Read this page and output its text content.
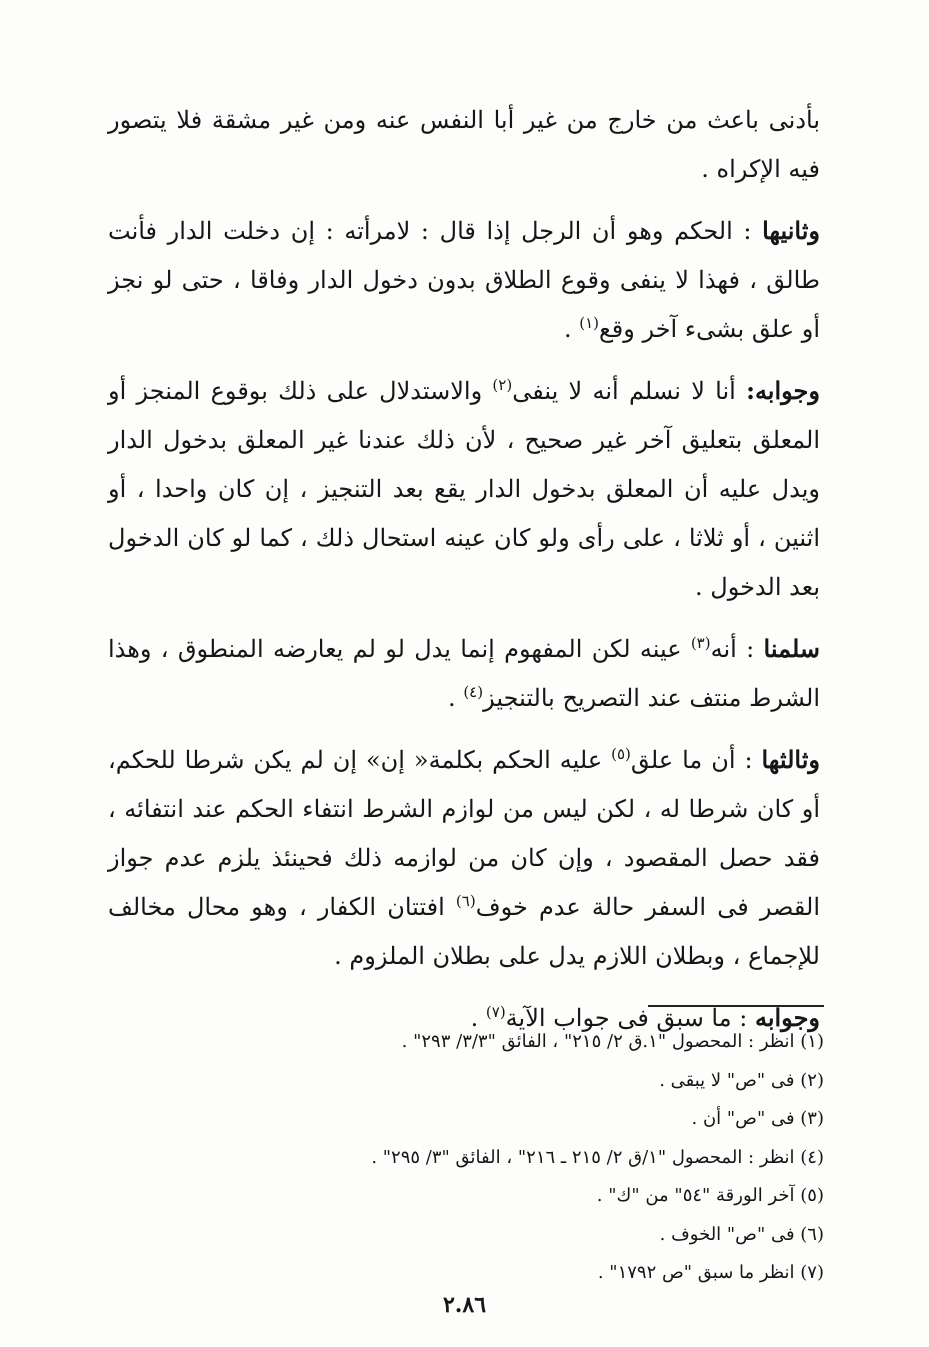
بأدنى باعث من خارج من غير أبا النفس عنه ومن غير مشقة فلا يتصور فيه الإكراه .

وثانيها : الحكم وهو أن الرجل إذا قال : لامرأته : إن دخلت الدار فأنت طالق ، فهذا لا ينفى وقوع الطلاق بدون دخول الدار وفاقا ، حتى لو نجز أو علق بشىء آخر وقع$^{(١)}$ .

وجوابه: أنا لا نسلم أنه لا ينفى$^{(٢)}$ والاستدلال على ذلك بوقوع المنجز أو المعلق بتعليق آخر غير صحيح ، لأن ذلك عندنا غير المعلق بدخول الدار ويدل عليه أن المعلق بدخول الدار يقع بعد التنجيز ، إن كان واحدا ، أو اثنين ، أو ثلاثا ، على رأى ولو كان عينه استحال ذلك ، كما لو كان الدخول بعد الدخول .

سلمنا : أنه$^{(٣)}$ عينه لكن المفهوم إنما يدل لو لم يعارضه المنطوق ، وهذا الشرط منتف عند التصريح بالتنجيز$^{(٤)}$ .

وثالثها : أن ما علق$^{(٥)}$ عليه الحكم بكلمة« إن» إن لم يكن شرطا للحكم، أو كان شرطا له ، لكن ليس من لوازم الشرط انتفاء الحكم عند انتفائه ، فقد حصل المقصود ، وإن كان من لوازمه ذلك فحينئذ يلزم عدم جواز القصر فى السفر حالة عدم خوف$^{(٦)}$ افتتان الكفار ، وهو محال مخالف للإجماع ، وبطلان اللازم يدل على بطلان الملزوم .

وجوابه : ما سبق فى جواب الآية$^{(٧)}$ .

(١) انظر : المحصول "١.ق ٢/ ٢١٥" ، الفائق "٣/٣/ ٢٩٣" .
(٢) فى "ص" لا يبقى .
(٣) فى "ص" أن .
(٤) انظر : المحصول "١/ق ٢/ ٢١٥ ـ ٢١٦" ، الفائق "٣/ ٢٩٥" .
(٥) آخر الورقة "٥٤" من "ك" .
(٦) فى "ص" الخوف .
(٧) انظر ما سبق "ص ١٧٩٢" .
٢.٨٦
